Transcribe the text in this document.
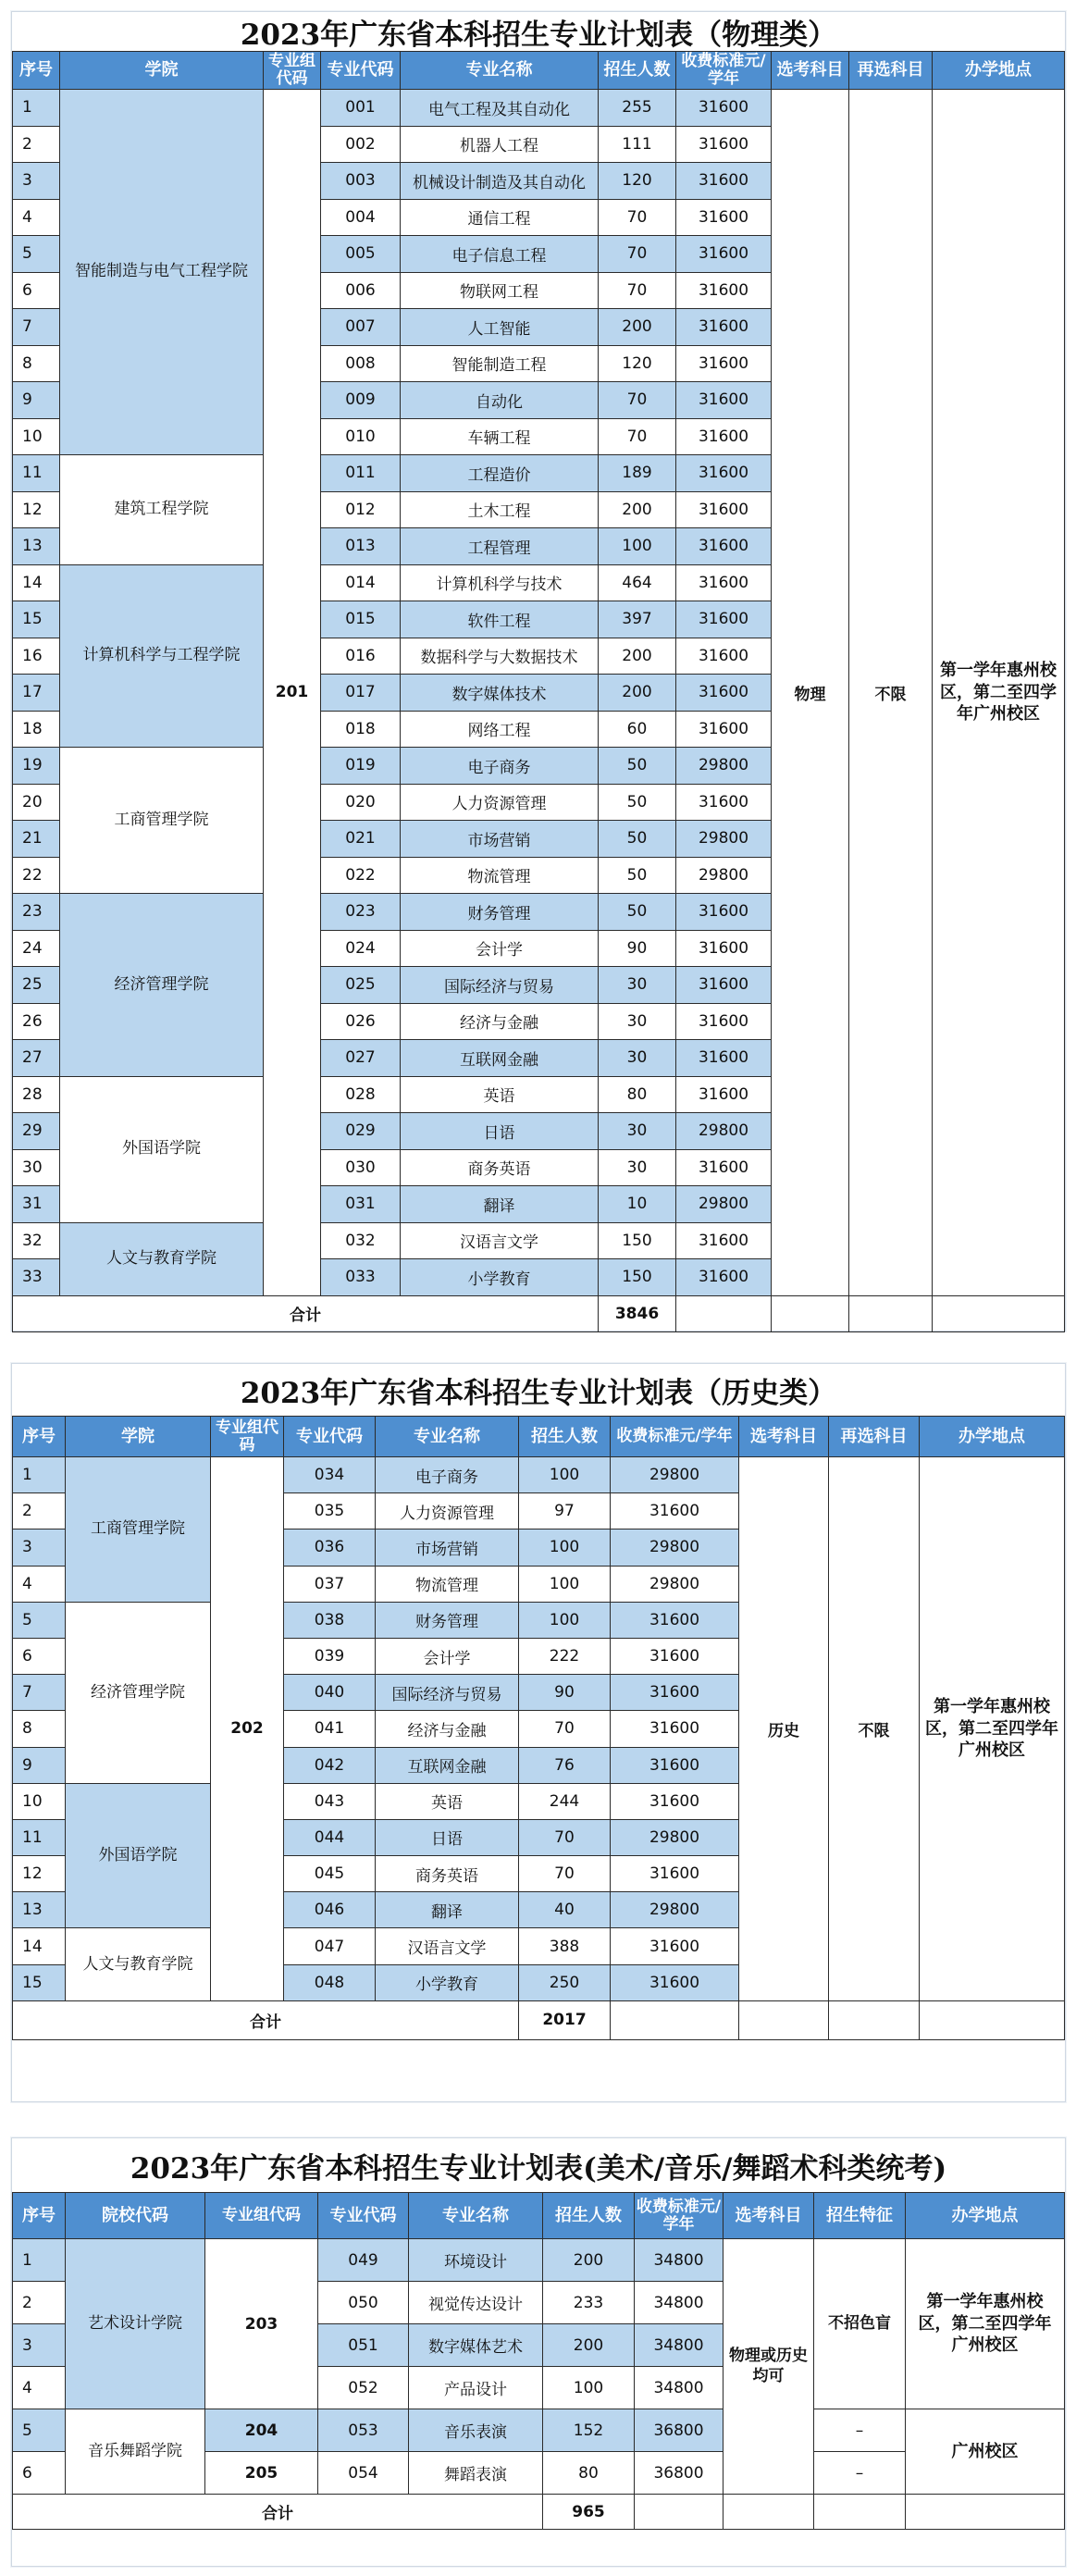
2023年广东省本科招生专业计划表（物理类）
序号	学院	专业组代码	专业代码	专业名称	招生人数	收费标准元/学年	选考科目	再选科目	办学地点
1	智能制造与电气工程学院	201	001	电气工程及其自动化	255	31600	物理	不限	第一学年惠州校区，第二至四学年广州校区
2			002	机器人工程	111	31600			
3			003	机械设计制造及其自动化	120	31600			
4			004	通信工程	70	31600			
5			005	电子信息工程	70	31600			
6			006	物联网工程	70	31600			
7			007	人工智能	200	31600			
8			008	智能制造工程	120	31600			
9			009	自动化	70	31600			
10			010	车辆工程	70	31600			
11	建筑工程学院		011	工程造价	189	31600			
12			012	土木工程	200	31600			
13			013	工程管理	100	31600			
14	计算机科学与工程学院		014	计算机科学与技术	464	31600			
15			015	软件工程	397	31600			
16			016	数据科学与大数据技术	200	31600			
17			017	数字媒体技术	200	31600			
18			018	网络工程	60	31600			
19	工商管理学院		019	电子商务	50	29800			
20			020	人力资源管理	50	31600			
21			021	市场营销	50	29800			
22			022	物流管理	50	29800			
23	经济管理学院		023	财务管理	50	31600			
24			024	会计学	90	31600			
25			025	国际经济与贸易	30	31600			
26			026	经济与金融	30	31600			
27			027	互联网金融	30	31600			
28	外国语学院		028	英语	80	31600			
29			029	日语	30	29800			
30			030	商务英语	30	31600			
31			031	翻译	10	29800			
32	人文与教育学院		032	汉语言文学	150	31600			
33			033	小学教育	150	31600			
合计					3846				
2023年广东省本科招生专业计划表（历史类）
序号	学院	专业组代码	专业代码	专业名称	招生人数	收费标准元/学年	选考科目	再选科目	办学地点
1	工商管理学院	202	034	电子商务	100	29800	历史	不限	第一学年惠州校区，第二至四学年广州校区
2			035	人力资源管理	97	31600			
3			036	市场营销	100	29800			
4			037	物流管理	100	29800			
5	经济管理学院		038	财务管理	100	31600			
6			039	会计学	222	31600			
7			040	国际经济与贸易	90	31600			
8			041	经济与金融	70	31600			
9			042	互联网金融	76	31600			
10	外国语学院		043	英语	244	31600			
11			044	日语	70	29800			
12			045	商务英语	70	31600			
13			046	翻译	40	29800			
14	人文与教育学院		047	汉语言文学	388	31600			
15			048	小学教育	250	31600			
合计					2017				
2023年广东省本科招生专业计划表(美术/音乐/舞蹈术科类统考)
序号	院校代码	专业组代码	专业代码	专业名称	招生人数	收费标准元/学年	选考科目	招生特征	办学地点
1	艺术设计学院	203	049	环境设计	200	34800	物理或历史均可	不招色盲	第一学年惠州校区，第二至四学年广州校区
2			050	视觉传达设计	233	34800			
3			051	数字媒体艺术	200	34800			
4			052	产品设计	100	34800			
5	音乐舞蹈学院	204	053	音乐表演	152	36800		–	广州校区
6		205	054	舞蹈表演	80	36800		–	
合计					965				
